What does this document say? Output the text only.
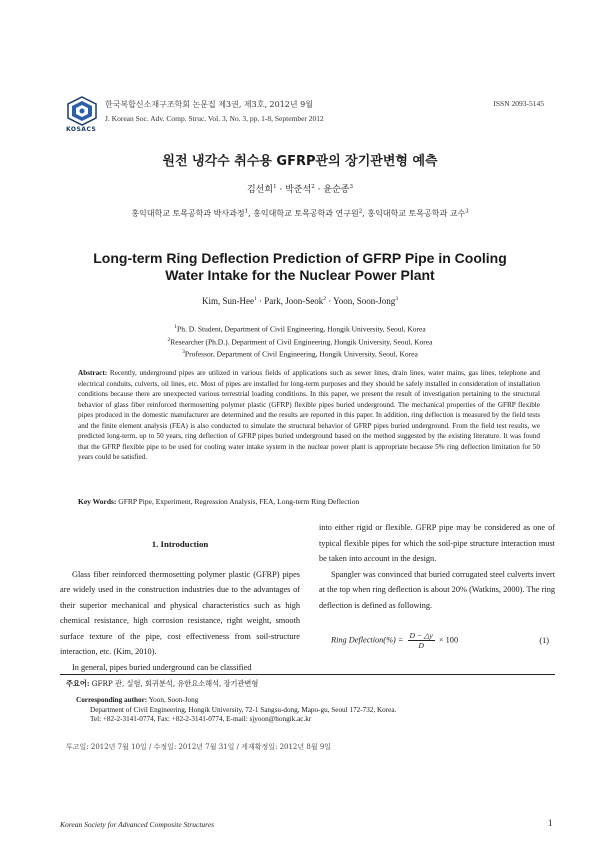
KOSACS
한국복합신소재구조학회 논문집 제3권, 제3호, 2012년 9월
J. Korean Soc. Adv. Comp. Struc. Vol. 3, No. 3, pp. 1-8, September 2012
ISSN 2093-5145
원전 냉각수 취수용 GFRP관의 장기관변형 예측
김선희$^1$ · 박준석$^2$ · 윤순종$^3$
홍익대학교 토목공학과 박사과정$^1$, 홍익대학교 토목공학과 연구원$^2$, 홍익대학교 토목공학과 교수$^3$
Long-term Ring Deflection Prediction of GFRP Pipe in Cooling Water Intake for the Nuclear Power Plant
Kim, Sun-Hee$^1$ · Park, Joon-Seok$^2$ · Yoon, Soon-Jong$^3$
$^1$Ph. D. Student, Department of Civil Engineering, Hongik University, Seoul, Korea
$^2$Researcher (Ph.D.). Department of Civil Engineering, Hongik University, Seoul, Korea
$^3$Professor, Department of Civil Engineering, Hongik University, Seoul, Korea
Abstract: Recently, underground pipes are utilized in various fields of applications such as sewer lines, drain lines, water mains, gas lines, telephone and electrical conduits, culverts, oil lines, etc. Most of pipes are installed for long-term purposes and they should be safely installed in consideration of installation conditions because there are unexpected various terrestrial loading conditions. In this paper, we present the result of investigation pertaining to the structural behavior of glass fiber reinforced thermosetting polymer plastic (GFRP) flexible pipes buried underground. The mechanical properties of the GFRP flexible pipes produced in the domestic manufacturer are determined and the results are reported in this paper. In addition, ring deflection is measured by the field tests and the finite element analysis (FEA) is also conducted to simulate the structural behavior of GFRP pipes buried underground. From the field test results, we predicted long-term, up to 50 years, ring deflection of GFRP pipes buried underground based on the method suggested by the existing literature. It was found that the GFRP flexible pipe to be used for cooling water intake system in the nuclear power plant is appropriate because 5% ring deflection limitation for 50 years could be satisfied.
Key Words: GFRP Pipe, Experiment, Regression Analysis, FEA, Long-term Ring Deflection
1. Introduction

Glass fiber reinforced thermosetting polymer plastic (GFRP) pipes are widely used in the construction industries due to the advantages of their superior mechanical and physical characteristics such as high chemical resistance, high corrosion resistance, right weight, smooth surface texture of the pipe, cost effectiveness from soil-structure interaction, etc. (Kim, 2010).

In general, pipes buried underground can be classified

into either rigid or flexible. GFRP pipe may be considered as one of typical flexible pipes for which the soil-pipe structure interaction must be taken into account in the design.

Spangler was convinced that buried corrugated steel culverts invert at the top when ring deflection is about 20% (Watkins, 2000). The ring deflection is defined as following.

Ring Deflection(%) = $\frac{D - \triangle y}{D} \times 100$	(1)
주요어: GFRP 관, 실험, 회귀분석, 유한요소해석, 장기관변형
Corresponding author: Yoon, Soon-Jong
Department of Civil Engineering, Hongik University, 72-1 Sangsu-dong, Mapo-gu, Seoul 172-732, Korea.
Tel: +82-2-3141-0774, Fax: +82-2-3141-0774, E-mail: sjyoon@hongik.ac.kr
투고일: 2012년 7월 10일 / 수정일: 2012년 7월 31일 / 게재확정일: 2012년 8월 9일
Korean Society for Advanced Composite Structures	1
